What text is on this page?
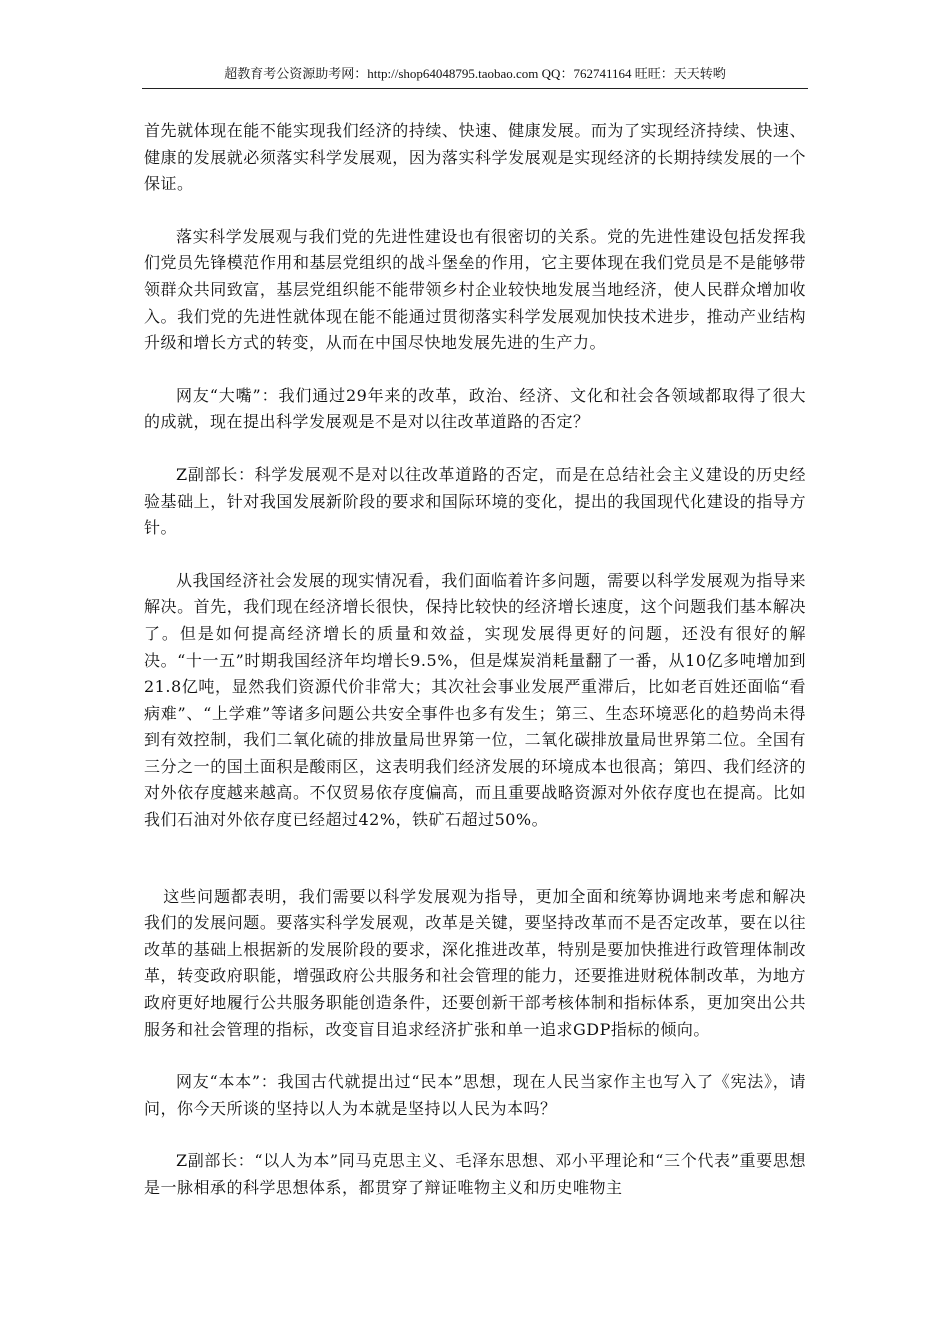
超教育考公资源助考网：http://shop64048795.taobao.com QQ：762741164 旺旺：天天转哟

首先就体现在能不能实现我们经济的持续、快速、健康发展。而为了实现经济持续、快速、健康的发展就必须落实科学发展观，因为落实科学发展观是实现经济的长期持续发展的一个保证。

落实科学发展观与我们党的先进性建设也有很密切的关系。党的先进性建设包括发挥我们党员先锋模范作用和基层党组织的战斗堡垒的作用，它主要体现在我们党员是不是能够带领群众共同致富，基层党组织能不能带领乡村企业较快地发展当地经济，使人民群众增加收入。我们党的先进性就体现在能不能通过贯彻落实科学发展观加快技术进步，推动产业结构升级和增长方式的转变，从而在中国尽快地发展先进的生产力。

网友“大嘴”：我们通过29年来的改革，政治、经济、文化和社会各领域都取得了很大的成就，现在提出科学发展观是不是对以往改革道路的否定？

Z副部长：科学发展观不是对以往改革道路的否定，而是在总结社会主义建设的历史经验基础上，针对我国发展新阶段的要求和国际环境的变化，提出的我国现代化建设的指导方针。

从我国经济社会发展的现实情况看，我们面临着许多问题，需要以科学发展观为指导来解决。首先，我们现在经济增长很快，保持比较快的经济增长速度，这个问题我们基本解决了。但是如何提高经济增长的质量和效益，实现发展得更好的问题，还没有很好的解决。“十一五”时期我国经济年均增长9.5%，但是煤炭消耗量翻了一番，从10亿多吨增加到21.8亿吨，显然我们资源代价非常大；其次社会事业发展严重滞后，比如老百姓还面临“看病难”、“上学难”等诸多问题公共安全事件也多有发生；第三、生态环境恶化的趋势尚未得到有效控制，我们二氧化硫的排放量局世界第一位，二氧化碳排放量局世界第二位。全国有三分之一的国土面积是酸雨区，这表明我们经济发展的环境成本也很高；第四、我们经济的对外依存度越来越高。不仅贸易依存度偏高，而且重要战略资源对外依存度也在提高。比如我们石油对外依存度已经超过42%，铁矿石超过50%。

这些问题都表明，我们需要以科学发展观为指导，更加全面和统筹协调地来考虑和解决我们的发展问题。要落实科学发展观，改革是关键，要坚持改革而不是否定改革，要在以往改革的基础上根据新的发展阶段的要求，深化推进改革，特别是要加快推进行政管理体制改革，转变政府职能，增强政府公共服务和社会管理的能力，还要推进财税体制改革，为地方政府更好地履行公共服务职能创造条件，还要创新干部考核体制和指标体系，更加突出公共服务和社会管理的指标，改变盲目追求经济扩张和单一追求GDP指标的倾向。

网友“本本”：我国古代就提出过“民本”思想，现在人民当家作主也写入了《宪法》，请问，你今天所谈的坚持以人为本就是坚持以人民为本吗？

Z副部长：“以人为本”同马克思主义、毛泽东思想、邓小平理论和“三个代表”重要思想是一脉相承的科学思想体系，都贯穿了辩证唯物主义和历史唯物主
